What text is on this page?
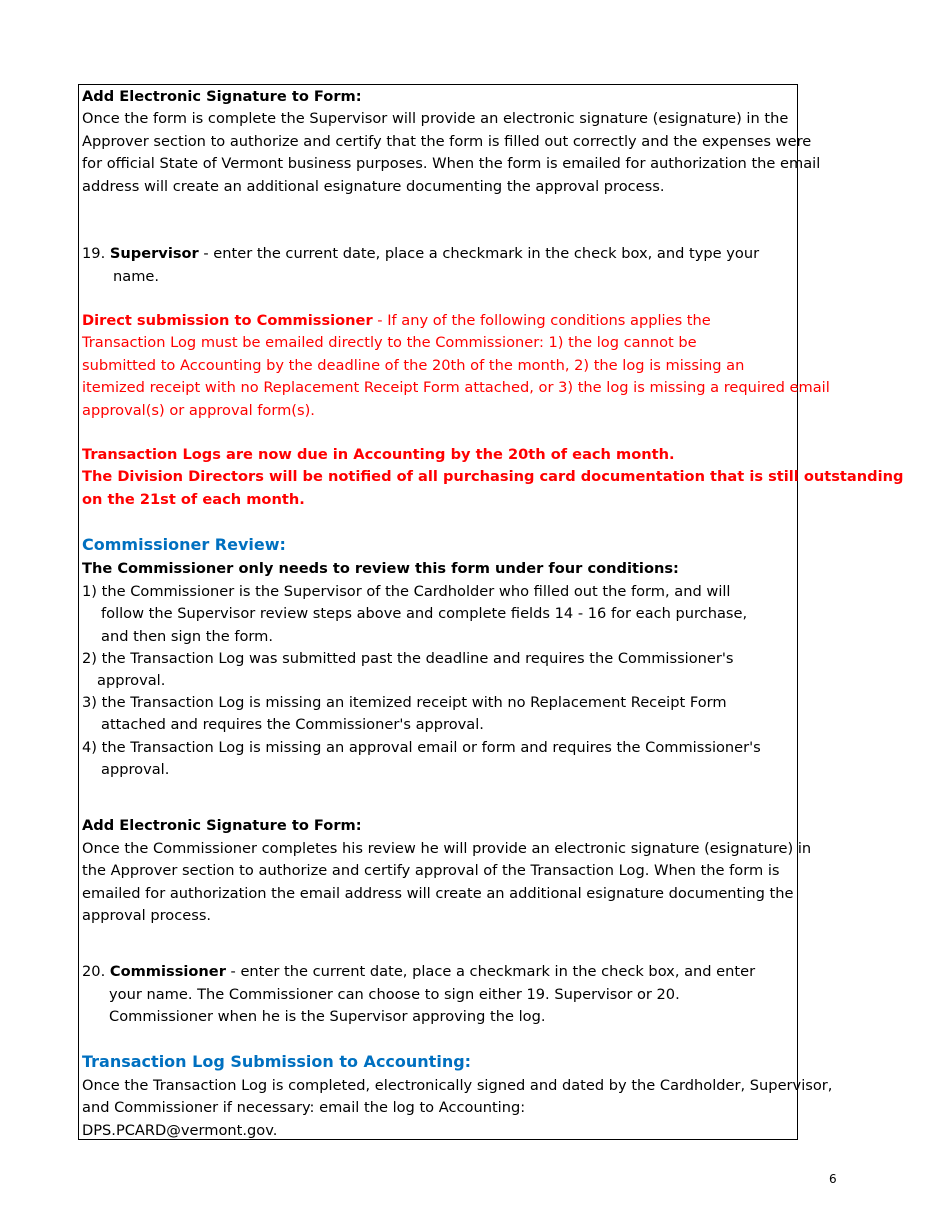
Add Electronic Signature to Form:
Once the form is complete the Supervisor will provide an electronic signature (esignature) in the
Approver section to authorize and certify that the form is filled out correctly and the expenses were
for official State of Vermont business purposes. When the form is emailed for authorization the email
address will create an additional esignature documenting the approval process.
19. Supervisor - enter the current date, place a checkmark in the check box, and type your
name.
Direct submission to Commissioner - If any of the following conditions applies the
Transaction Log must be emailed directly to the Commissioner: 1) the log cannot be
submitted to Accounting by the deadline of the 20th of the month, 2) the log is missing an
itemized receipt with no Replacement Receipt Form attached, or 3) the log is missing a required email
approval(s) or approval form(s).
Transaction Logs are now due in Accounting by the 20th of each month.
The Division Directors will be notified of all purchasing card documentation that is still outstanding
on the 21st of each month.
Commissioner Review:
The Commissioner only needs to review this form under four conditions:
1) the Commissioner is the Supervisor of the Cardholder who filled out the form, and will
follow the Supervisor review steps above and complete fields 14 - 16 for each purchase,
and then sign the form.
2) the Transaction Log was submitted past the deadline and requires the Commissioner's
approval.
3) the Transaction Log is missing an itemized receipt with no Replacement Receipt Form
attached and requires the Commissioner's approval.
4) the Transaction Log is missing an approval email or form and requires the Commissioner's
approval.
Add Electronic Signature to Form:
Once the Commissioner completes his review he will provide an electronic signature (esignature) in
the Approver section to authorize and certify approval of the Transaction Log. When the form is
emailed for authorization the email address will create an additional esignature documenting the
approval process.
20. Commissioner - enter the current date, place a checkmark in the check box, and enter
your name. The Commissioner can choose to sign either 19. Supervisor or 20.
Commissioner when he is the Supervisor approving the log.
Transaction Log Submission to Accounting:
Once the Transaction Log is completed, electronically signed and dated by the Cardholder, Supervisor,
and Commissioner if necessary: email the log to Accounting:
DPS.PCARD@vermont.gov.
6
